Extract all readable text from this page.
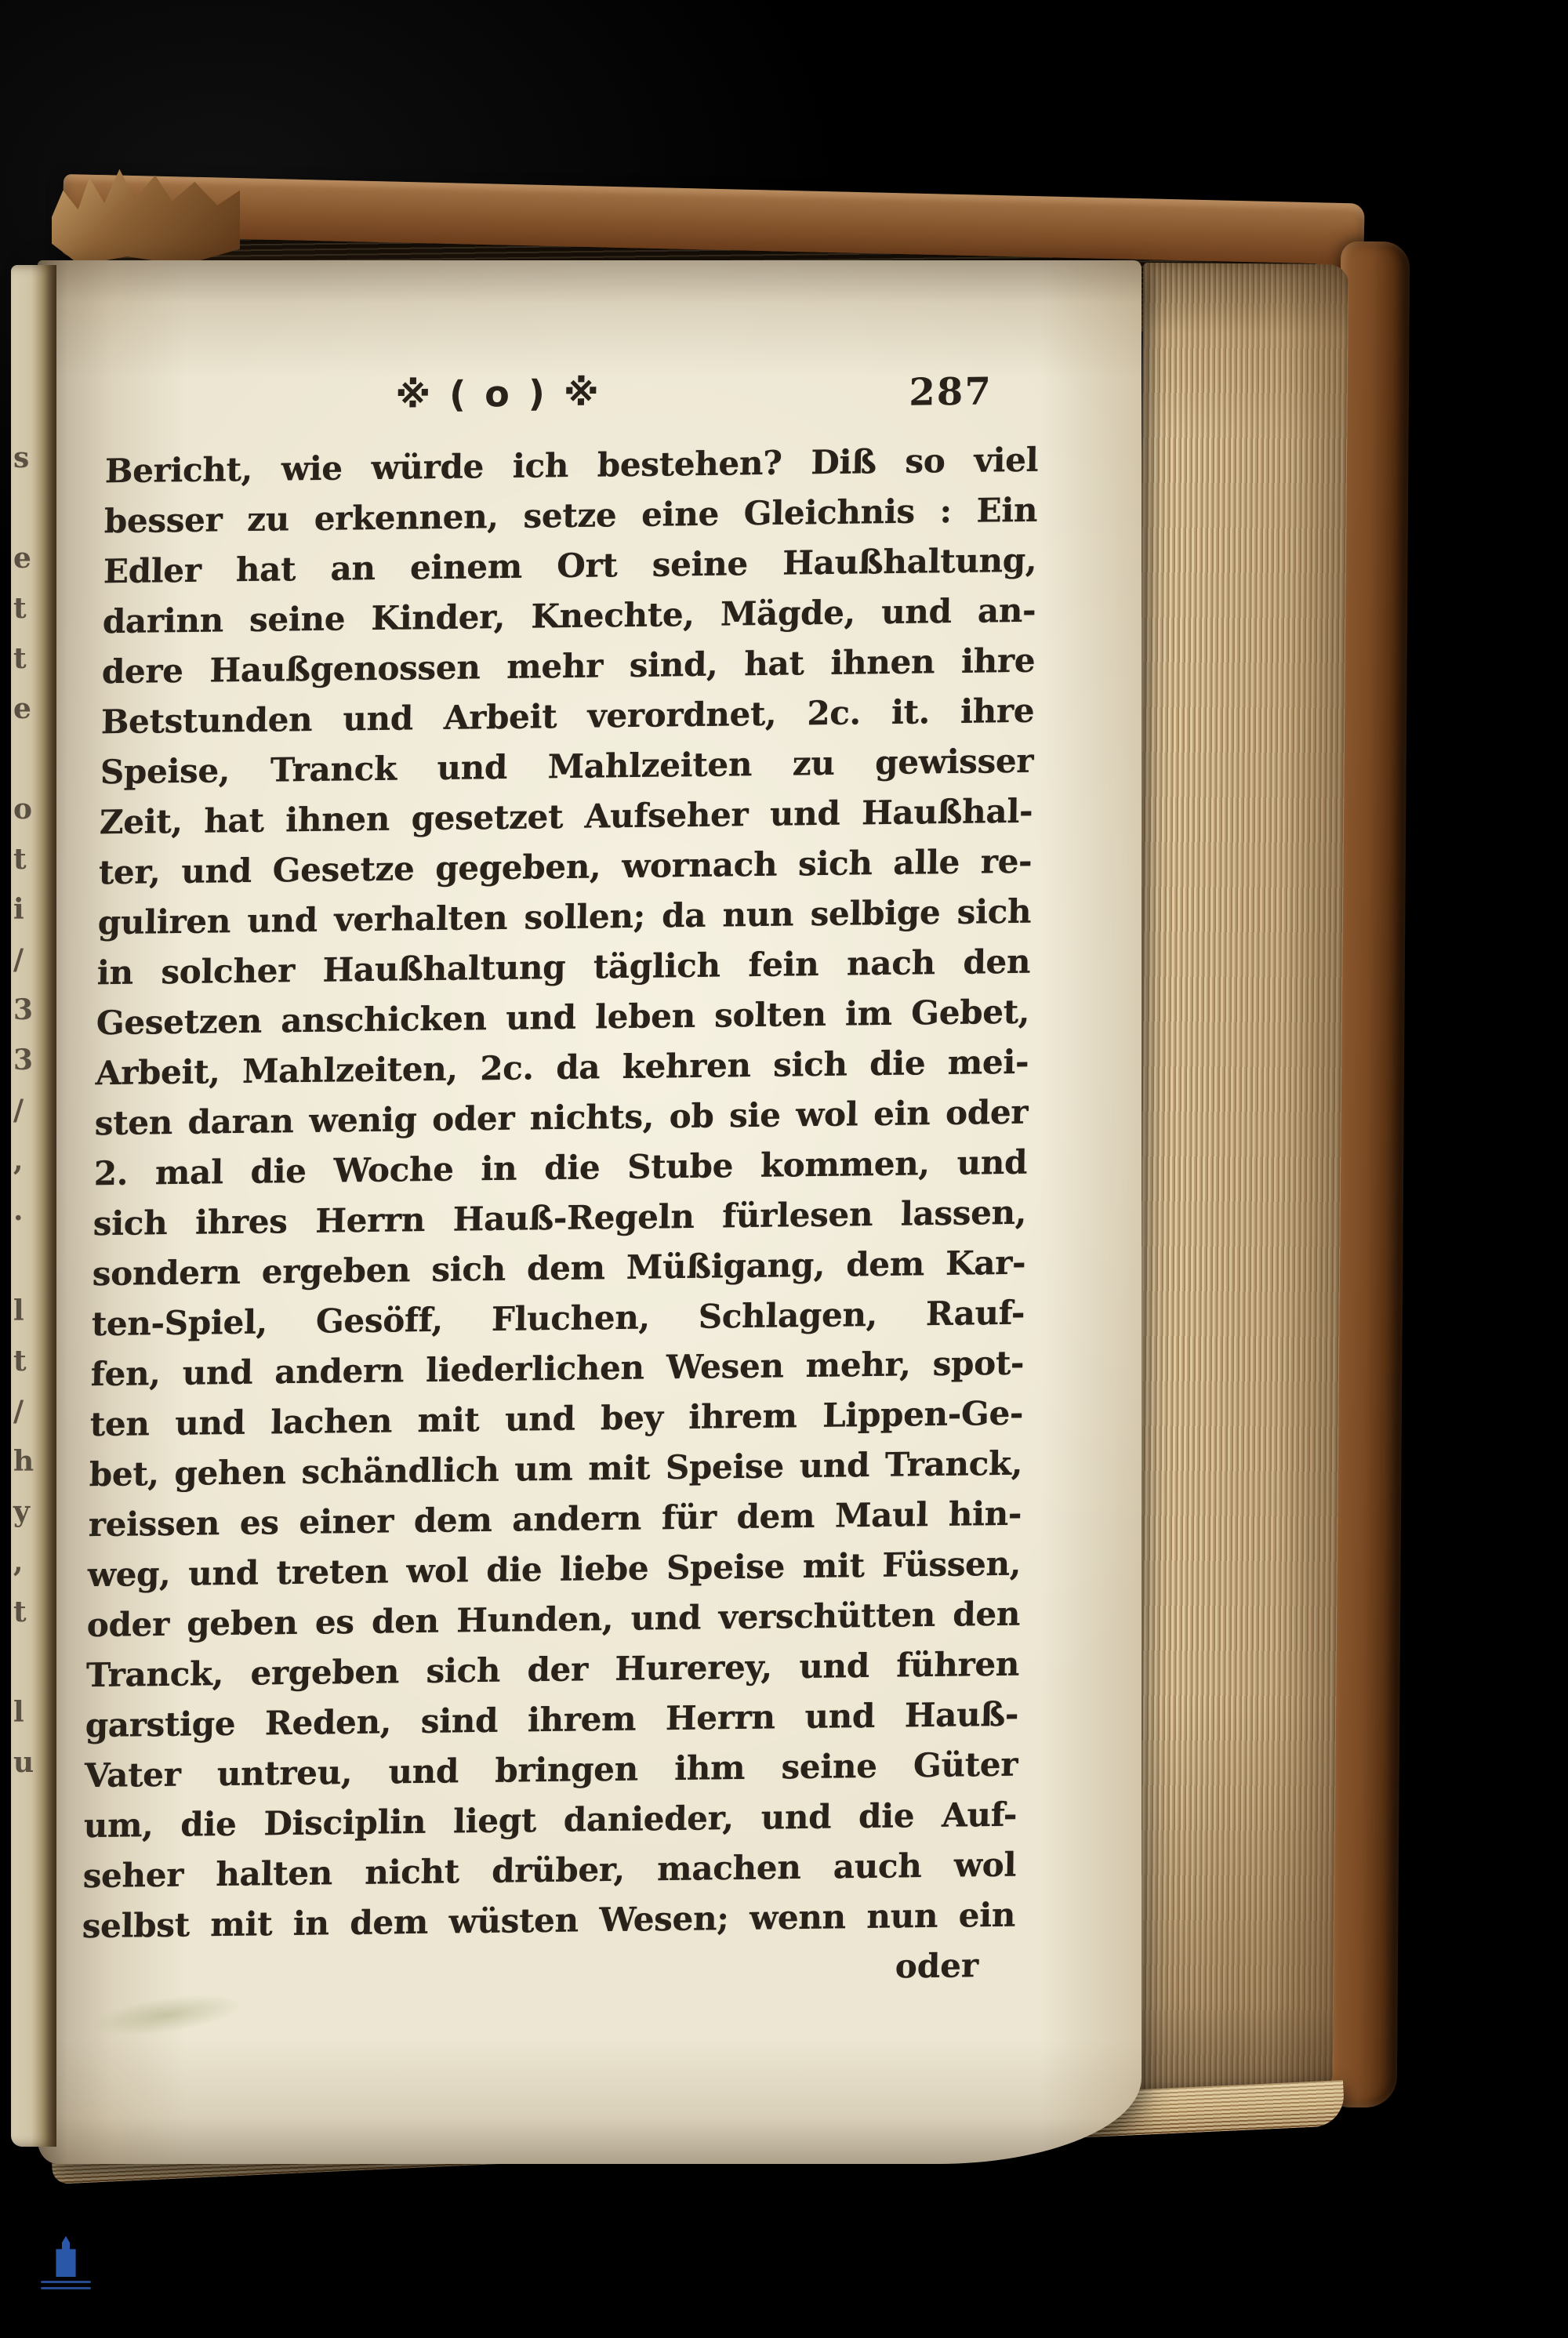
※ ( o ) ※	287
Bericht, wie würde ich bestehen? Diß so viel
besser zu erkennen, setze eine Gleichnis : Ein
Edler hat an einem Ort seine Haußhaltung,
darinn seine Kinder, Knechte, Mägde, und an-
dere Haußgenossen mehr sind, hat ihnen ihre
Betstunden und Arbeit verordnet, 2c. it. ihre
Speise, Tranck und Mahlzeiten zu gewisser
Zeit, hat ihnen gesetzet Aufseher und Haußhal-
ter, und Gesetze gegeben, wornach sich alle re-
guliren und verhalten sollen; da nun selbige sich
in solcher Haußhaltung täglich fein nach den
Gesetzen anschicken und leben solten im Gebet,
Arbeit, Mahlzeiten, 2c. da kehren sich die mei-
sten daran wenig oder nichts, ob sie wol ein oder
2. mal die Woche in die Stube kommen, und
sich ihres Herrn Hauß-Regeln fürlesen lassen,
sondern ergeben sich dem Müßigang, dem Kar-
ten-Spiel, Gesöff, Fluchen, Schlagen, Rauf-
fen, und andern liederlichen Wesen mehr, spot-
ten und lachen mit und bey ihrem Lippen-Ge-
bet, gehen schändlich um mit Speise und Tranck,
reissen es einer dem andern für dem Maul hin-
weg, und treten wol die liebe Speise mit Füssen,
oder geben es den Hunden, und verschütten den
Tranck, ergeben sich der Hurerey, und führen
garstige Reden, sind ihrem Herrn und Hauß-
Vater untreu, und bringen ihm seine Güter
um, die Disciplin liegt danieder, und die Auf-
seher halten nicht drüber, machen auch wol
selbst mit in dem wüsten Wesen; wenn nun ein
oder
s
e
t
t
e
o
t
i
/
3
3
/
,
.
l
t
/
h
y
,
t
l
u
